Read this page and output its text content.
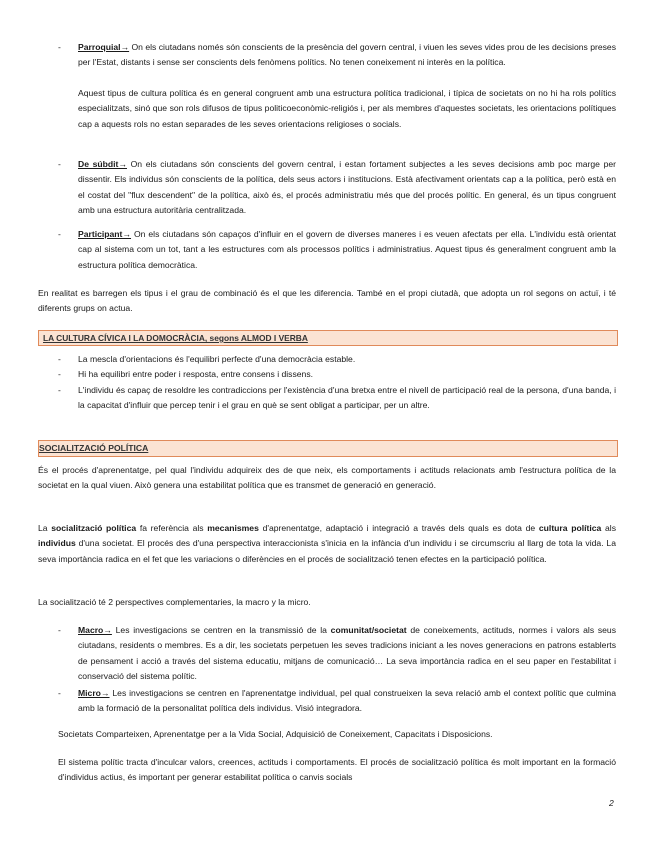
-	Parroquial→ On els ciutadans només són conscients de la presència del govern central, i viuen les seves vides prou de les decisions preses per l'Estat, distants i sense ser conscients dels fenòmens polítics. No tenen coneixement ni interès en la política.
Aquest tipus de cultura política és en general congruent amb una estructura política tradicional, i típica de societats on no hi ha rols polítics especialitzats, sinó que son rols difusos de tipus politicoeconòmic-religiós i, per als membres d'aquestes societats, les orientacions polítiques cap a aquests rols no estan separades de les seves orientacions religioses o socials.
-	De súbdit→ On els ciutadans són conscients del govern central, i estan fortament subjectes a les seves decisions amb poc marge per dissentir. Els individus són conscients de la política, dels seus actors i institucions. Està afectivament orientats cap a la política, però està en el costat del "flux descendent" de la política, això és, el procés administratiu més que del procés polític. En general, és un tipus congruent amb una estructura autoritària centralitzada.
-	Participant→ On els ciutadans són capaços d'influir en el govern de diverses maneres i es veuen afectats per ella. L'individu està orientat cap al sistema com un tot, tant a les estructures com als processos polítics i administratius. Aquest tipus és generalment congruent amb la estructura política democràtica.

En realitat es barregen els tipus i el grau de combinació és el que les diferencia. També en el propi ciutadà, que adopta un rol segons on actuï, i té diferents grups on actua.

LA CULTURA CÍVICA I LA DOMOCRÀCIA, segons ALMOD I VERBA
-	La mescla d'orientacions és l'equilibri perfecte d'una democràcia estable.

-	Hi ha equilibri entre poder i resposta, entre consens i dissens.

-	L'individu és capaç de resoldre les contradiccions per l'existència d'una bretxa entre el nivell de participació real de la persona, d'una banda, i la capacitat d'influir que percep tenir i el grau en què se sent obligat a participar, per un altre.

SOCIALITZACIÓ POLÍTICA

És el procés d'aprenentatge, pel qual l'individu adquireix des de que neix, els comportaments i actituds relacionats amb l'estructura política de la societat en la qual viuen. Això genera una estabilitat política que es transmet de generació en generació.

La socialització política fa referència als mecanismes d'aprenentatge, adaptació i integració a través dels quals es dota de cultura política als individus d'una societat. El procés des d'una perspectiva interaccionista s'inicia en la infància d'un individu i se circumscriu al llarg de tota la vida. La seva importància radica en el fet que les variacions o diferències en el procés de socialització tenen efectes en la participació política.

La socialització té 2 perspectives complementaries, la macro y la micro.

-	Macro→ Les investigacions se centren en la transmissió de la comunitat/societat de coneixements, actituds, normes i valors als seus ciutadans, residents o membres. Es a dir, les societats perpetuen les seves tradicions iniciant a les noves generacions en patrons establerts de pensament i acció a través del sistema educatiu, mitjans de comunicació… La seva importància radica en el seu paper en l'estabilitat i conservació del sistema polític.
-	Micro→ Les investigacions se centren en l'aprenentatge individual, pel qual construeixen la seva relació amb el context polític que culmina amb la formació de la personalitat política dels individus. Visió integradora.

Societats Comparteixen, Aprenentatge per a la Vida Social, Adquisició de Coneixement, Capacitats i Disposicions.

El sistema polític tracta d'inculcar valors, creences, actituds i comportaments. El procés de socialització política és molt important en la formació d'individus actius, és important per generar estabilitat política o canvis socials

2
